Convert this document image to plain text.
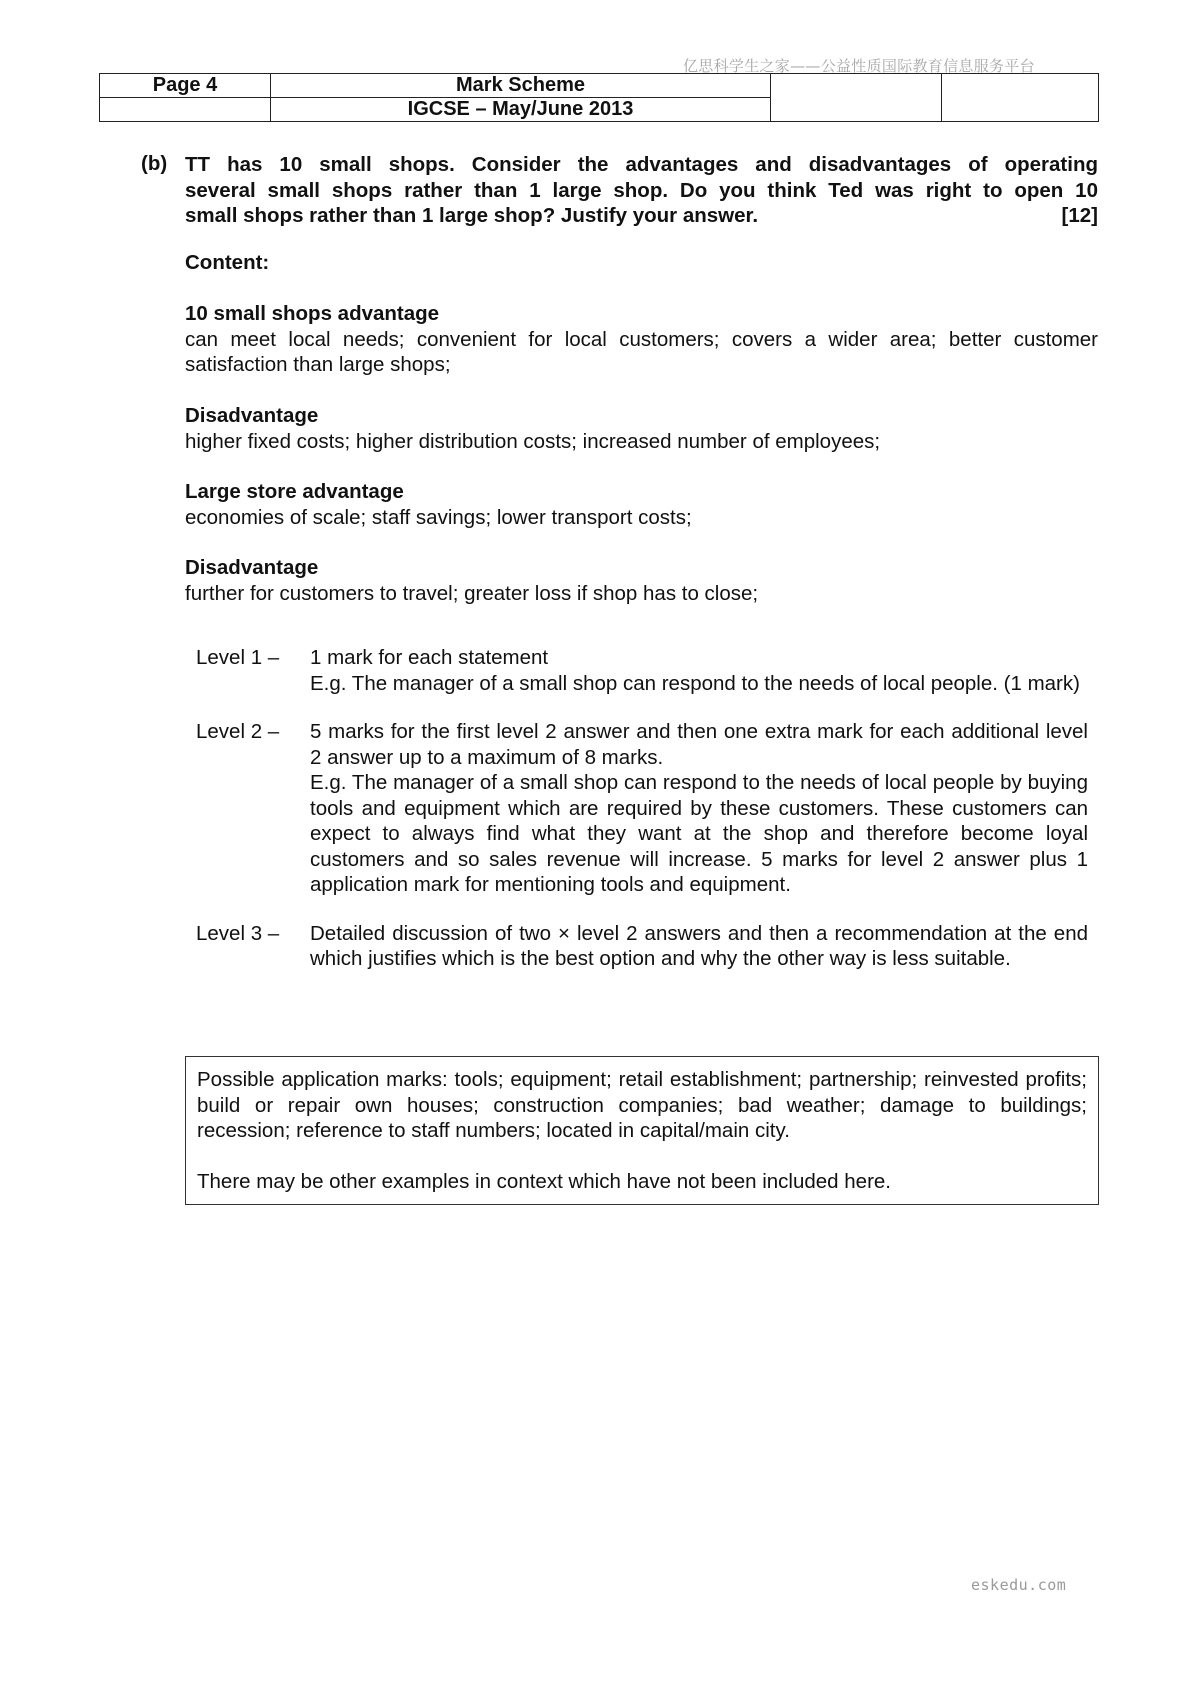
亿思科学生之家——公益性质国际教育信息服务平台
Page 4	Mark Scheme		
	IGCSE – May/June 2013		
(b) TT has 10 small shops. Consider the advantages and disadvantages of operating
several small shops rather than 1 large shop. Do you think Ted was right to open 10
small shops rather than 1 large shop? Justify your answer.	[12]
Content:
10 small shops advantage

can meet local needs; convenient for local customers; covers a wider area; better customer satisfaction than large shops;

Disadvantage

higher fixed costs; higher distribution costs; increased number of employees;

Large store advantage

economies of scale; staff savings; lower transport costs;

Disadvantage

further for customers to travel; greater loss if shop has to close;

Level 1 –	1 mark for each statement

E.g. The manager of a small shop can respond to the needs of local people. (1 mark)

Level 2 –	5 marks for the first level 2 answer and then one extra mark for each additional level 2 answer up to a maximum of 8 marks.

E.g. The manager of a small shop can respond to the needs of local people by buying tools and equipment which are required by these customers. These customers can expect to always find what they want at the shop and therefore become loyal customers and so sales revenue will increase. 5 marks for level 2 answer plus 1 application mark for mentioning tools and equipment.

Level 3 –	Detailed discussion of two × level 2 answers and then a recommendation at the end which justifies which is the best option and why the other way is less suitable.

Possible application marks: tools; equipment; retail establishment; partnership; reinvested profits; build or repair own houses; construction companies; bad weather; damage to buildings; recession; reference to staff numbers; located in capital/main city.

There may be other examples in context which have not been included here.

eskedu.com
